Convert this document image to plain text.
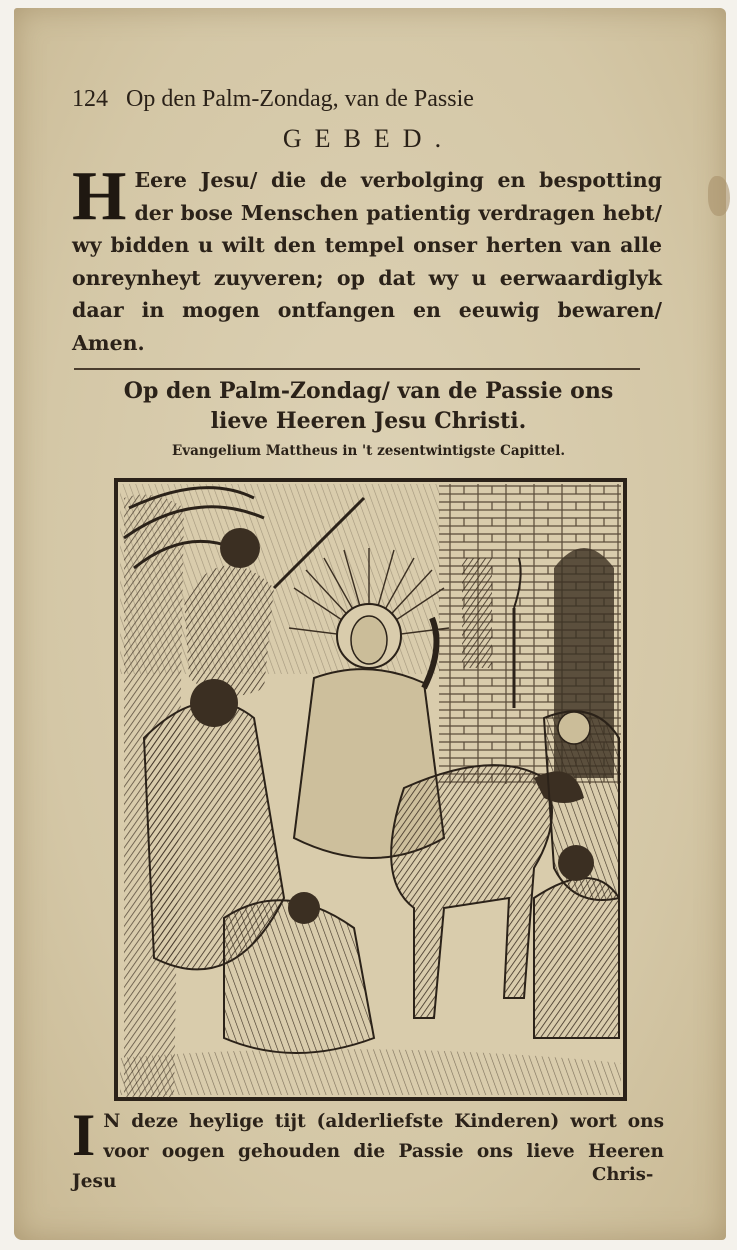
124 Op den Palm-Zondag, van de Passie
GEBED.
H Eere Jesu/ die de verbolging en bespotting der bose Menschen patientig verdragen hebt/ wy bidden u wilt den tempel onser herten van alle onreynheyt zuyveren; op dat wy u eerwaardiglyk daar in mogen ontfangen en eeuwig bewaren/ Amen.
Op den Palm-Zondag/ van de Passie ons
lieve Heeren Jesu Christi.
Evangelium Mattheus in 't zesentwintigste Capittel.
I N deze heylige tijt (alderliefste Kinderen) wort ons voor oogen gehouden die Passie ons lieve Heeren Jesu	Chris-
